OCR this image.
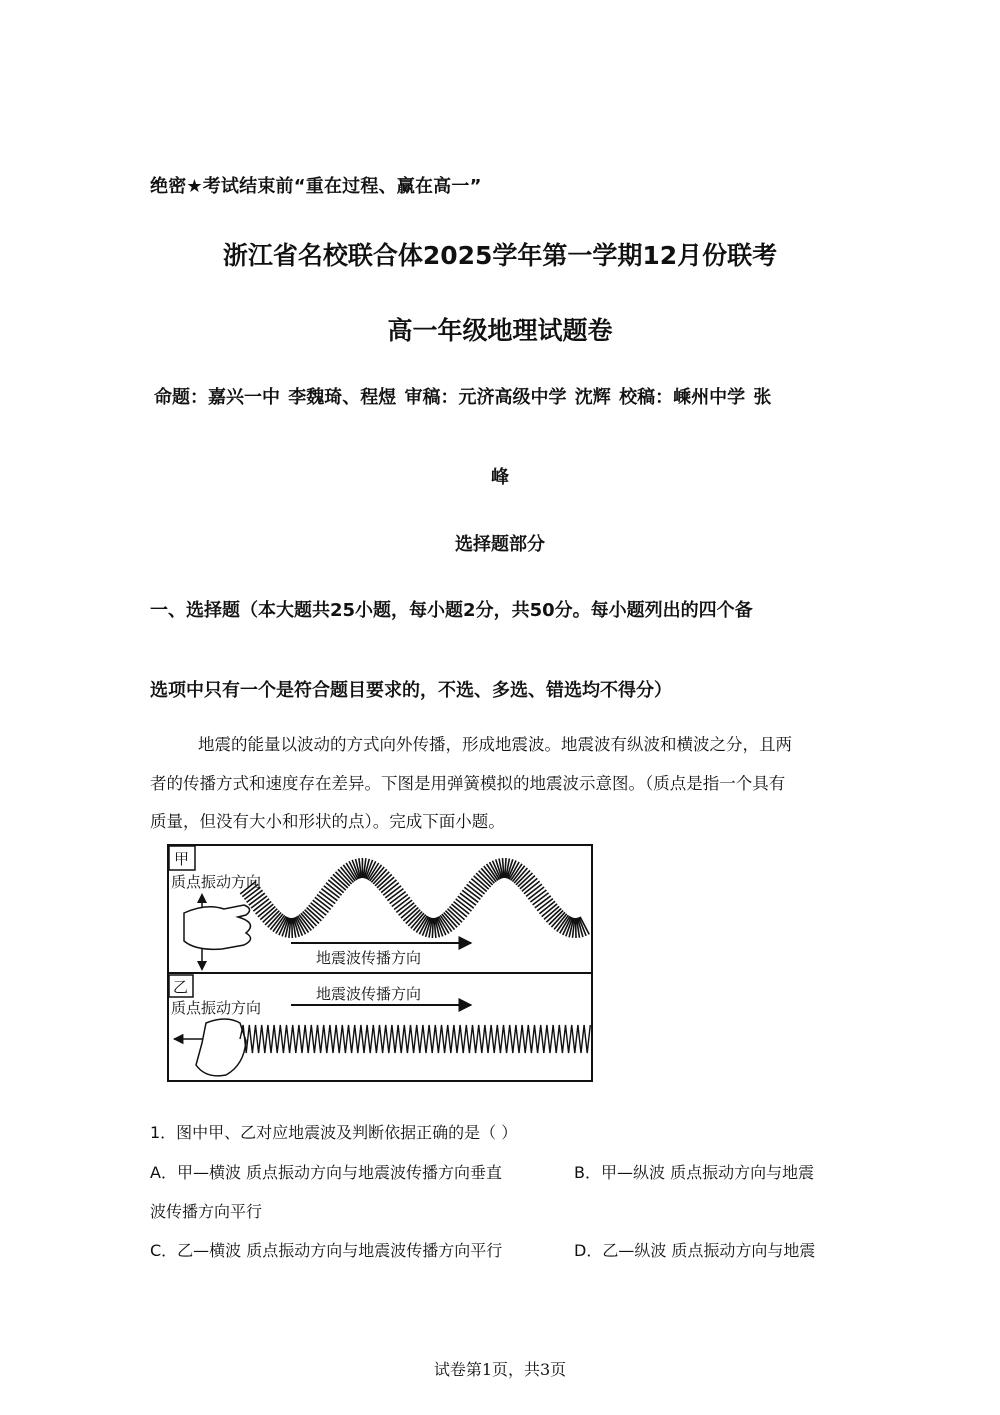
绝密★考试结束前“重在过程、赢在高一”
浙江省名校联合体2025学年第一学期12月份联考
高一年级地理试题卷
命题：嘉兴一中 李魏琦、程煜 审稿：元济高级中学 沈辉 校稿：嵊州中学 张
峰
选择题部分
一、选择题（本大题共25小题，每小题2分，共50分。每小题列出的四个备
选项中只有一个是符合题目要求的，不选、多选、错选均不得分）
地震的能量以波动的方式向外传播，形成地震波。地震波有纵波和横波之分，且两
者的传播方式和速度存在差异。下图是用弹簧模拟的地震波示意图。（质点是指一个具有
质量，但没有大小和形状的点）。完成下面小题。
甲
质点振动方向
地震波传播方向
乙
质点振动方向
地震波传播方向
1．图中甲、乙对应地震波及判断依据正确的是（ ）
A．甲—横波 质点振动方向与地震波传播方向垂直	B．甲—纵波 质点振动方向与地震
波传播方向平行
C．乙—横波 质点振动方向与地震波传播方向平行	D．乙—纵波 质点振动方向与地震
试卷第1页，共3页
